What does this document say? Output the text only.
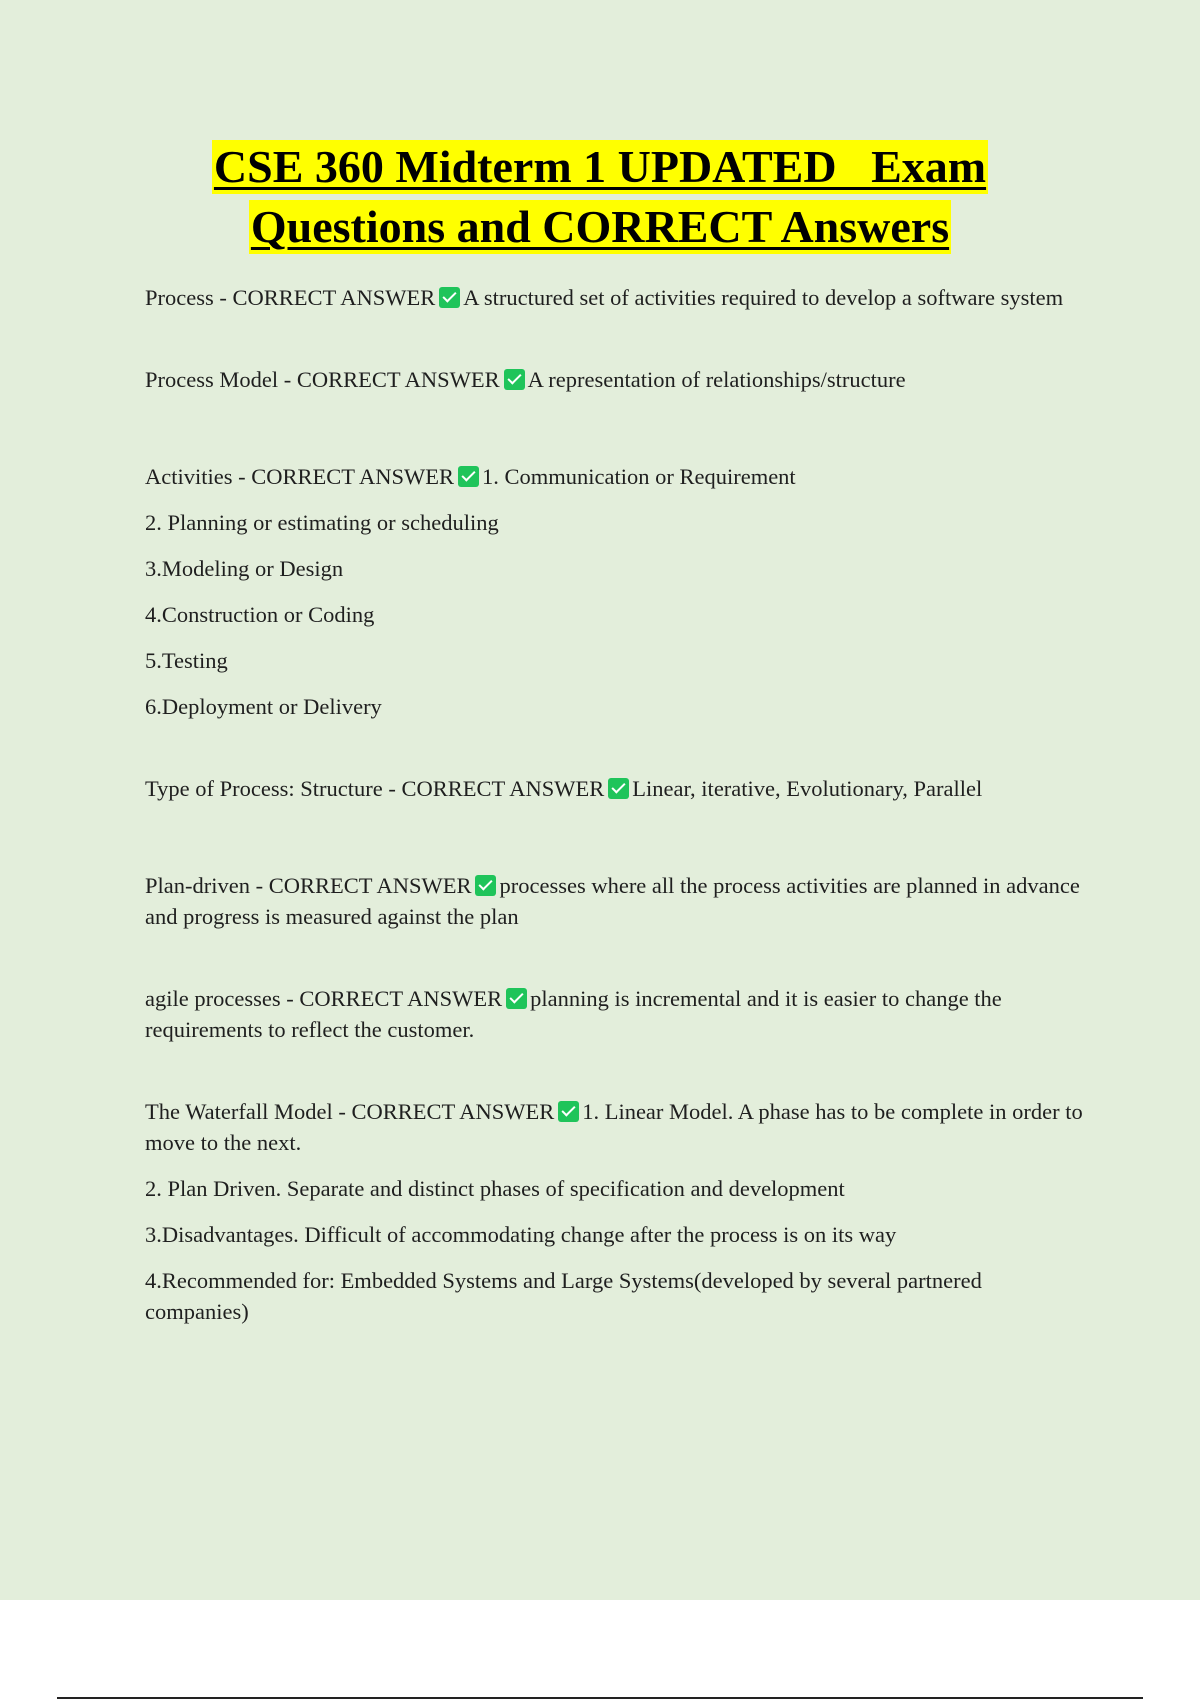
CSE 360 Midterm 1 UPDATED   Exam
Questions and CORRECT Answers

Process - CORRECT ANSWER A structured set of activities required to develop a software system

Process Model - CORRECT ANSWER A representation of relationships/structure

Activities - CORRECT ANSWER 1. Communication or Requirement

2. Planning or estimating or scheduling

3.Modeling or Design

4.Construction or Coding

5.Testing

6.Deployment or Delivery

Type of Process: Structure - CORRECT ANSWER Linear, iterative, Evolutionary, Parallel

Plan-driven - CORRECT ANSWER processes where all the process activities are planned in advance and progress is measured against the plan

agile processes - CORRECT ANSWER planning is incremental and it is easier to change the requirements to reflect the customer.

The Waterfall Model - CORRECT ANSWER 1. Linear Model. A phase has to be complete in order to move to the next.

2. Plan Driven. Separate and distinct phases of specification and development

3.Disadvantages. Difficult of accommodating change after the process is on its way

4.Recommended for: Embedded Systems and Large Systems(developed by several partnered companies)
